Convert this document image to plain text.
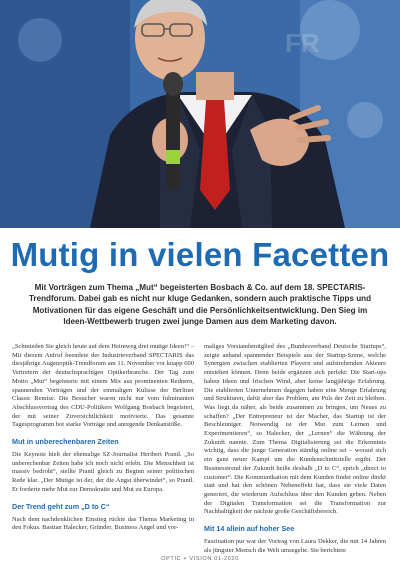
FR
Mutig in vielen Facetten

Mit Vorträgen zum Thema „Mut“ begeisterten Bosbach & Co. auf dem 18. SPECTARIS-Trendforum. Dabei gab es nicht nur kluge Gedanken, sondern auch praktische Tipps und Motivationen für das eigene Geschäft und die Persönlichkeitsentwicklung. Den Sieg im Ideen-Wettbewerb trugen zwei junge Damen aus dem Marketing davon.

„Schmieden Sie gleich heute auf dem Heimweg drei mutige Ideen!“ – Mit diesem Aufruf beendete der Industrieverband SPECTARIS das diesjährige Augenoptik-Trendforum am 11. November vor knapp 600 Vertretern der deutschsprachigen Optikerbranche. Der Tag zum Motto „Mut“ begeisterte mit einem Mix aus prominenten Rednern, spannenden Vorträgen und der einmaligen Kulisse der Berliner Classic Remise. Die Besucher waren nicht nur vom fulminanten Abschlussvortrag des CDU-Politikers Wolfgang Bosbach begeistert, der mit seiner Zuversichtlichkeit motivierte. Das gesamte Tagesprogramm bot starke Vorträge und anregende Denkanstöße.

Mut in unberechenbaren Zeiten

Die Keynote hielt der ehemalige SZ-Journalist Heribert Prantl. „So unberechenbar Zeiten habe ich noch nicht erlebt. Die Menschheit ist massiv bedroht“, stellte Prantl gleich zu Beginn seiner politischen Rede klar. „Der Mutige ist der, der die Angst überwindet“, so Prantl. Er forderte mehr Mut zur Demokratie und Mut zu Europa.

Der Trend geht zum „D to C“

Nach dem nachdenklichen Einstieg rückte das Thema Marketing in den Fokus. Bastian Halecker, Gründer, Business Angel und vor-

maliges Vorstandsmitglied des „Bundesverband Deutsche Startups“, zeigte anhand spannender Beispiele aus der Startup-Szene, welche Synergien zwischen etablierten Playern und aufstrebenden Akteure entstehen können. Denn beide ergänzen sich perfekt: Die Start-ups haben Ideen und frischen Wind, aber keine langjährige Erfahrung. Die etablierten Unternehmen dagegen haben eine Menge Erfahrung und Strukturen, dafür aber das Problem, am Puls der Zeit zu bleiben. Was liegt da näher, als beide zusammen zu bringen, um Neues zu schaffen? „Der Entrepreneur ist der Macher, das Startup ist der Beschleuniger. Notwendig ist der Mut zum Lernen und Experimentieren“, so Halecker, der „Lernen“ die Währung der Zukunft nannte. Zum Thema Digitalisierung sei die Erkenntnis wichtig, dass die junge Generation ständig online sei – worauf sich ein ganz neuer Kampf um die Kundenschnittstelle ergibt. Der Businesstrend der Zukunft heiße deshalb „D to C“, sprich „direct to customer“. Die Kommunikation mit dem Kunden findet online direkt statt und hat den schönen Nebeneffekt hat, dass sie viele Daten generiert, die wiederum Aufschluss über den Kunden geben. Neben der Digitalen Transformation sei die Transformation zur Nachhaltigkeit der nächste große Geschäftsbereich.

Mit 14 allein auf hoher See

Faszination pur war der Vortrag von Laura Dekker, die mit 14 Jahren als jüngster Mensch die Welt umsegelte. Sie berichtete

OPTIC + VISION 01-2020
